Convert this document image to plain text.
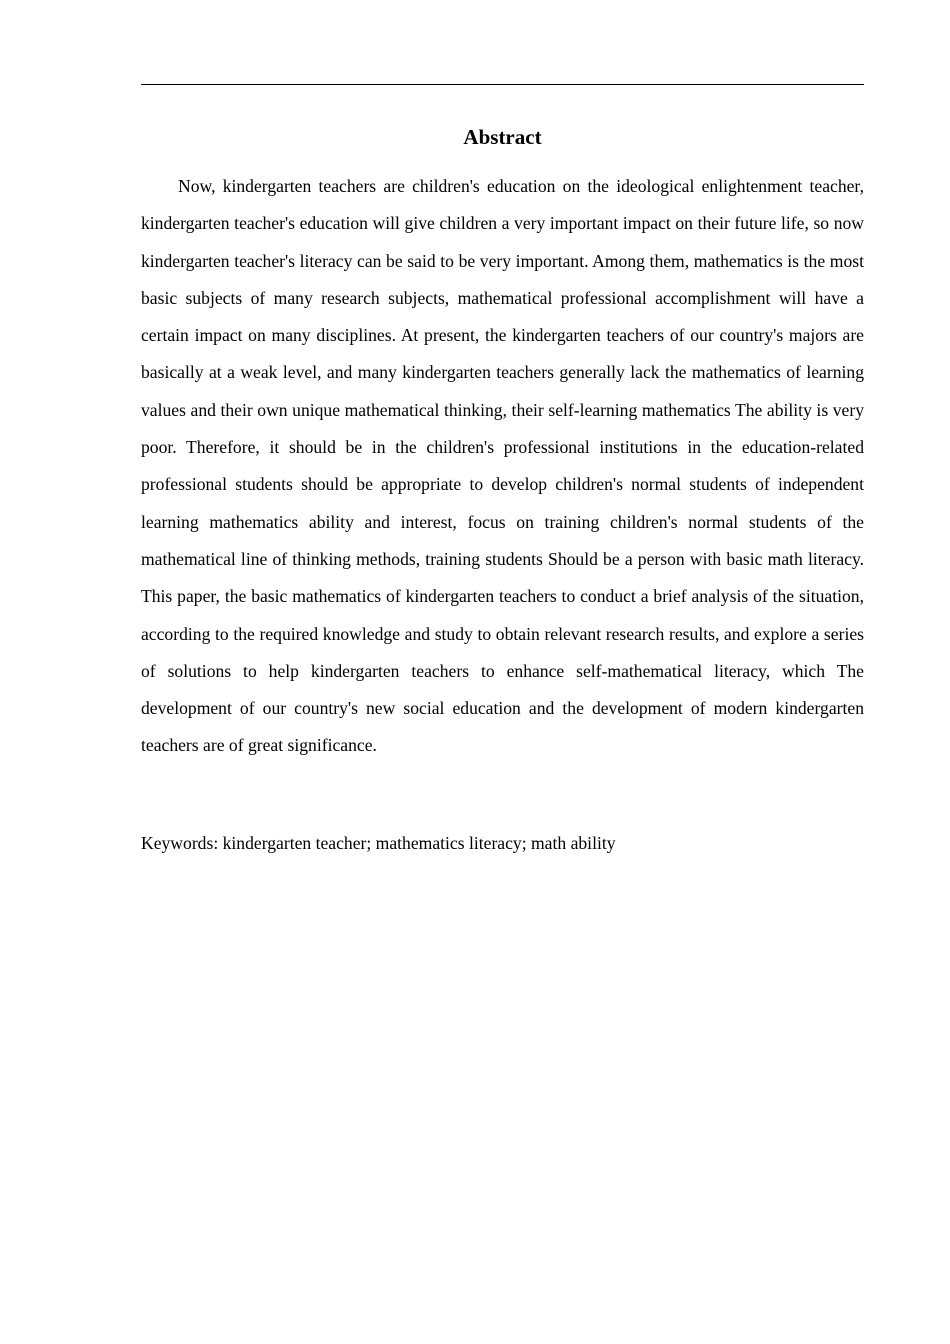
Abstract

Now, kindergarten teachers are children's education on the ideological enlightenment teacher, kindergarten teacher's education will give children a very important impact on their future life, so now kindergarten teacher's literacy can be said to be very important. Among them, mathematics is the most basic subjects of many research subjects, mathematical professional accomplishment will have a certain impact on many disciplines. At present, the kindergarten teachers of our country's majors are basically at a weak level, and many kindergarten teachers generally lack the mathematics of learning values and their own unique mathematical thinking, their self-learning mathematics The ability is very poor. Therefore, it should be in the children's professional institutions in the education-related professional students should be appropriate to develop children's normal students of independent learning mathematics ability and interest, focus on training children's normal students of the mathematical line of thinking methods, training students Should be a person with basic math literacy. This paper, the basic mathematics of kindergarten teachers to conduct a brief analysis of the situation, according to the required knowledge and study to obtain relevant research results, and explore a series of solutions to help kindergarten teachers to enhance self-mathematical literacy, which The development of our country's new social education and the development of modern kindergarten teachers are of great significance.

Keywords: kindergarten teacher; mathematics literacy; math ability
